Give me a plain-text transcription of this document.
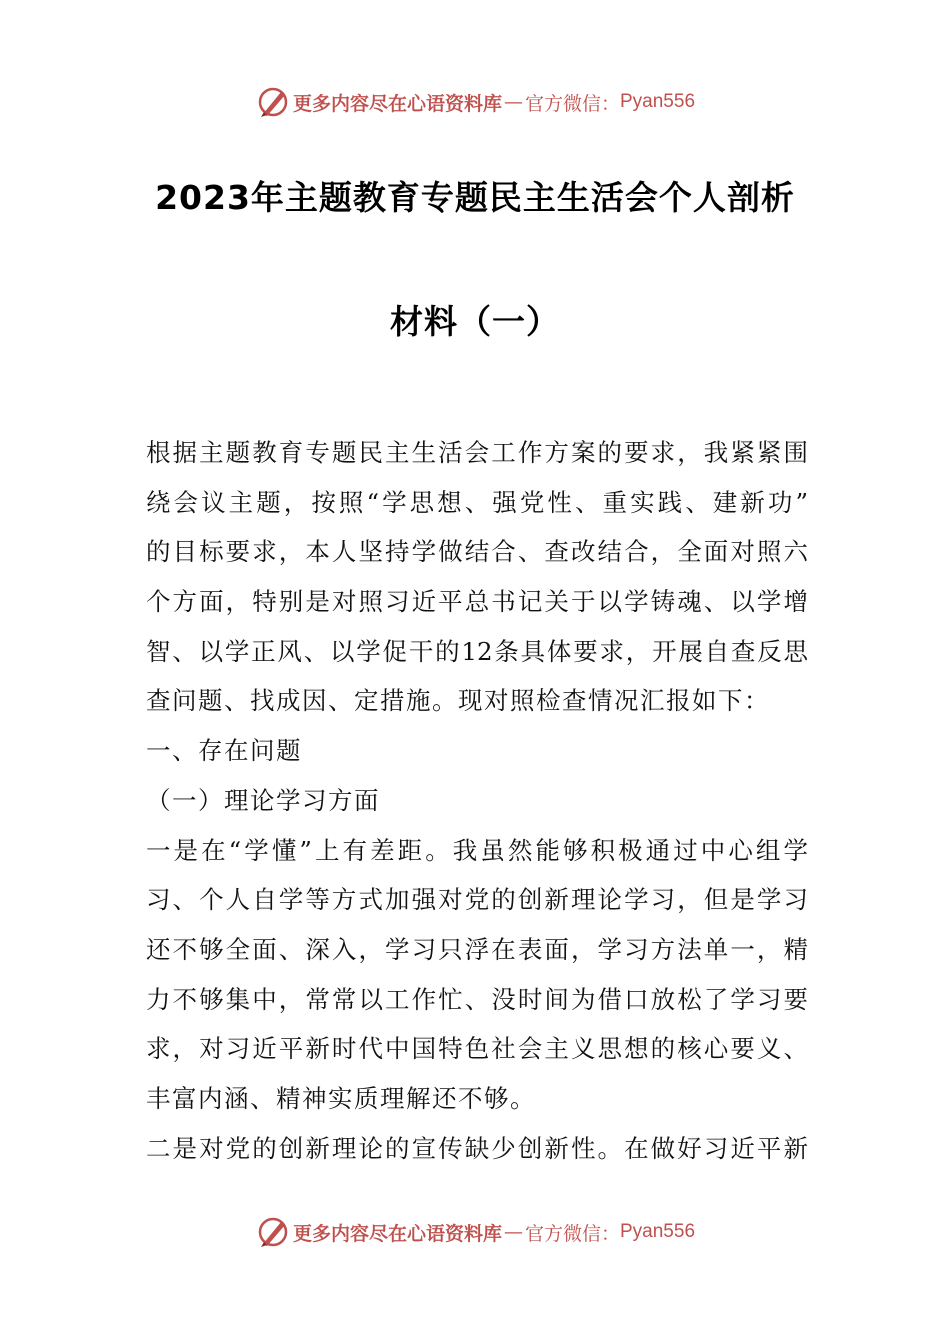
更多内容尽在心语资料库 — 官方微信： Pyan556
2023年主题教育专题民主生活会个人剖析
材料（一）
根据主题教育专题民主生活会工作方案的要求，我紧紧围
绕会议主题，按照“学思想、强党性、重实践、建新功”
的目标要求，本人坚持学做结合、查改结合，全面对照六
个方面，特别是对照习近平总书记关于以学铸魂、以学增
智、以学正风、以学促干的12条具体要求，开展自查反思
查问题、找成因、定措施。现对照检查情况汇报如下：
一、存在问题
（一）理论学习方面
一是在“学懂”上有差距。我虽然能够积极通过中心组学
习、个人自学等方式加强对党的创新理论学习，但是学习
还不够全面、深入，学习只浮在表面，学习方法单一，精
力不够集中，常常以工作忙、没时间为借口放松了学习要
求，对习近平新时代中国特色社会主义思想的核心要义、
丰富内涵、精神实质理解还不够。
二是对党的创新理论的宣传缺少创新性。在做好习近平新
更多内容尽在心语资料库 — 官方微信： Pyan556
